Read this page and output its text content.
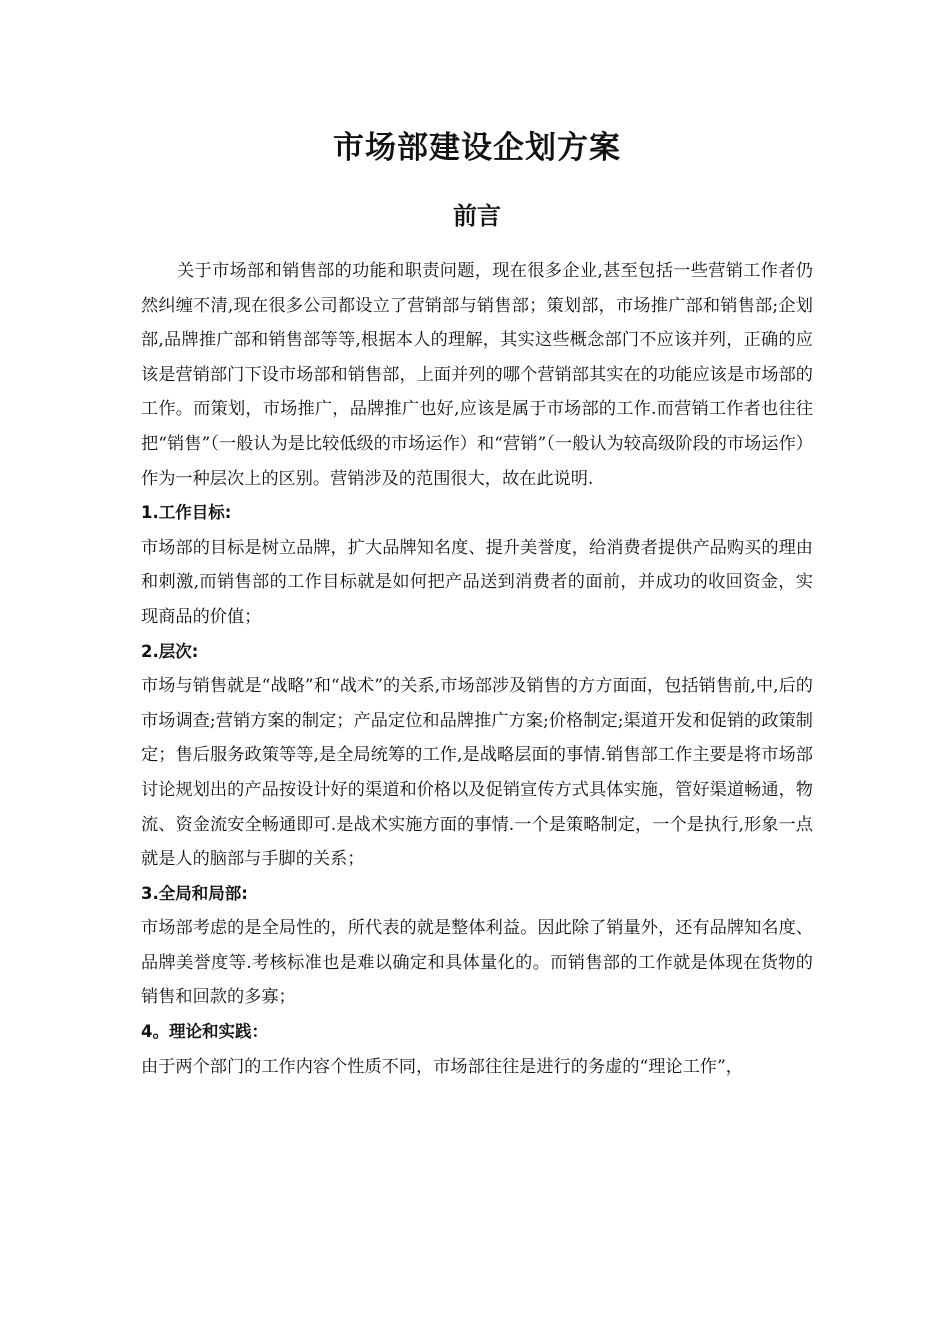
市场部建设企划方案
前言

关于市场部和销售部的功能和职责问题，现在很多企业,甚至包括一些营销工作者仍然纠缠不清,现在很多公司都设立了营销部与销售部；策划部，市场推广部和销售部;企划部,品牌推广部和销售部等等,根据本人的理解，其实这些概念部门不应该并列，正确的应该是营销部门下设市场部和销售部，上面并列的哪个营销部其实在的功能应该是市场部的工作。而策划，市场推广，品牌推广也好,应该是属于市场部的工作.而营销工作者也往往把“销售”（一般认为是比较低级的市场运作）和“营销”（一般认为较高级阶段的市场运作）作为一种层次上的区别。营销涉及的范围很大，故在此说明.

1.工作目标:

市场部的目标是树立品牌，扩大品牌知名度、提升美誉度，给消费者提供产品购买的理由和刺激,而销售部的工作目标就是如何把产品送到消费者的面前，并成功的收回资金，实现商品的价值；

2.层次:

市场与销售就是“战略”和“战术”的关系,市场部涉及销售的方方面面，包括销售前,中,后的市场调查;营销方案的制定；产品定位和品牌推广方案;价格制定;渠道开发和促销的政策制定；售后服务政策等等,是全局统筹的工作,是战略层面的事情.销售部工作主要是将市场部讨论规划出的产品按设计好的渠道和价格以及促销宣传方式具体实施，管好渠道畅通，物流、资金流安全畅通即可.是战术实施方面的事情.一个是策略制定，一个是执行,形象一点就是人的脑部与手脚的关系；

3.全局和局部:

市场部考虑的是全局性的，所代表的就是整体利益。因此除了销量外，还有品牌知名度、品牌美誉度等.考核标准也是难以确定和具体量化的。而销售部的工作就是体现在货物的销售和回款的多寡；

4。理论和实践：

由于两个部门的工作内容个性质不同，市场部往往是进行的务虚的“理论工作”，
